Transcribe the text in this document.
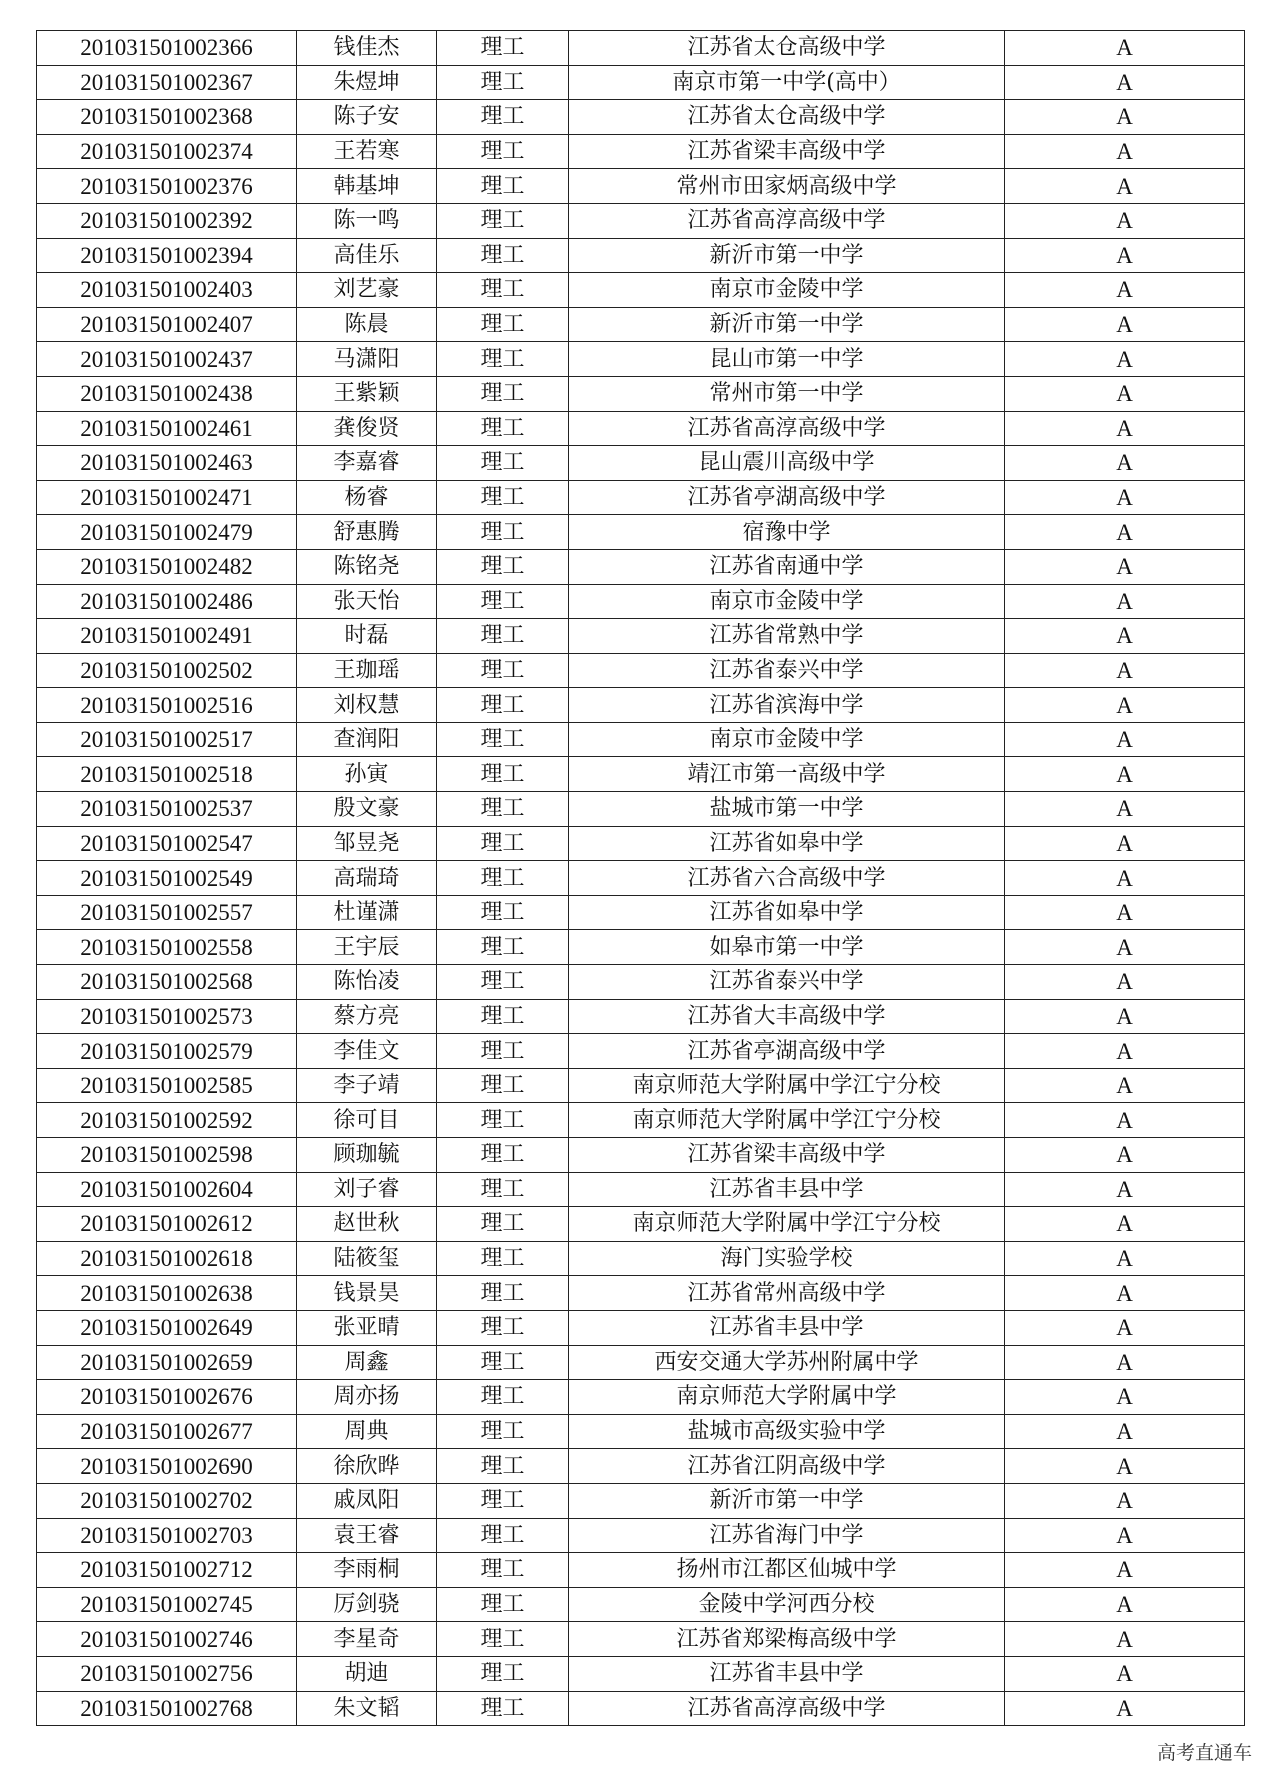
201031501002366	钱佳杰	理工	江苏省太仓高级中学	A
201031501002367	朱煜坤	理工	南京市第一中学(高中）	A
201031501002368	陈子安	理工	江苏省太仓高级中学	A
201031501002374	王若寒	理工	江苏省梁丰高级中学	A
201031501002376	韩基坤	理工	常州市田家炳高级中学	A
201031501002392	陈一鸣	理工	江苏省高淳高级中学	A
201031501002394	高佳乐	理工	新沂市第一中学	A
201031501002403	刘艺豪	理工	南京市金陵中学	A
201031501002407	陈晨	理工	新沂市第一中学	A
201031501002437	马潇阳	理工	昆山市第一中学	A
201031501002438	王紫颖	理工	常州市第一中学	A
201031501002461	龚俊贤	理工	江苏省高淳高级中学	A
201031501002463	李嘉睿	理工	昆山震川高级中学	A
201031501002471	杨睿	理工	江苏省亭湖高级中学	A
201031501002479	舒惠腾	理工	宿豫中学	A
201031501002482	陈铭尧	理工	江苏省南通中学	A
201031501002486	张天怡	理工	南京市金陵中学	A
201031501002491	时磊	理工	江苏省常熟中学	A
201031501002502	王珈瑶	理工	江苏省泰兴中学	A
201031501002516	刘权慧	理工	江苏省滨海中学	A
201031501002517	查润阳	理工	南京市金陵中学	A
201031501002518	孙寅	理工	靖江市第一高级中学	A
201031501002537	殷文豪	理工	盐城市第一中学	A
201031501002547	邹昱尧	理工	江苏省如皋中学	A
201031501002549	高瑞琦	理工	江苏省六合高级中学	A
201031501002557	杜谨潇	理工	江苏省如皋中学	A
201031501002558	王宇辰	理工	如皋市第一中学	A
201031501002568	陈怡凌	理工	江苏省泰兴中学	A
201031501002573	蔡方亮	理工	江苏省大丰高级中学	A
201031501002579	李佳文	理工	江苏省亭湖高级中学	A
201031501002585	李子靖	理工	南京师范大学附属中学江宁分校	A
201031501002592	徐可目	理工	南京师范大学附属中学江宁分校	A
201031501002598	顾珈毓	理工	江苏省梁丰高级中学	A
201031501002604	刘子睿	理工	江苏省丰县中学	A
201031501002612	赵世秋	理工	南京师范大学附属中学江宁分校	A
201031501002618	陆筱玺	理工	海门实验学校	A
201031501002638	钱景昊	理工	江苏省常州高级中学	A
201031501002649	张亚晴	理工	江苏省丰县中学	A
201031501002659	周鑫	理工	西安交通大学苏州附属中学	A
201031501002676	周亦扬	理工	南京师范大学附属中学	A
201031501002677	周典	理工	盐城市高级实验中学	A
201031501002690	徐欣晔	理工	江苏省江阴高级中学	A
201031501002702	戚凤阳	理工	新沂市第一中学	A
201031501002703	袁王睿	理工	江苏省海门中学	A
201031501002712	李雨桐	理工	扬州市江都区仙城中学	A
201031501002745	厉剑骁	理工	金陵中学河西分校	A
201031501002746	李星奇	理工	江苏省郑梁梅高级中学	A
201031501002756	胡迪	理工	江苏省丰县中学	A
201031501002768	朱文韬	理工	江苏省高淳高级中学	A
高考直通车
